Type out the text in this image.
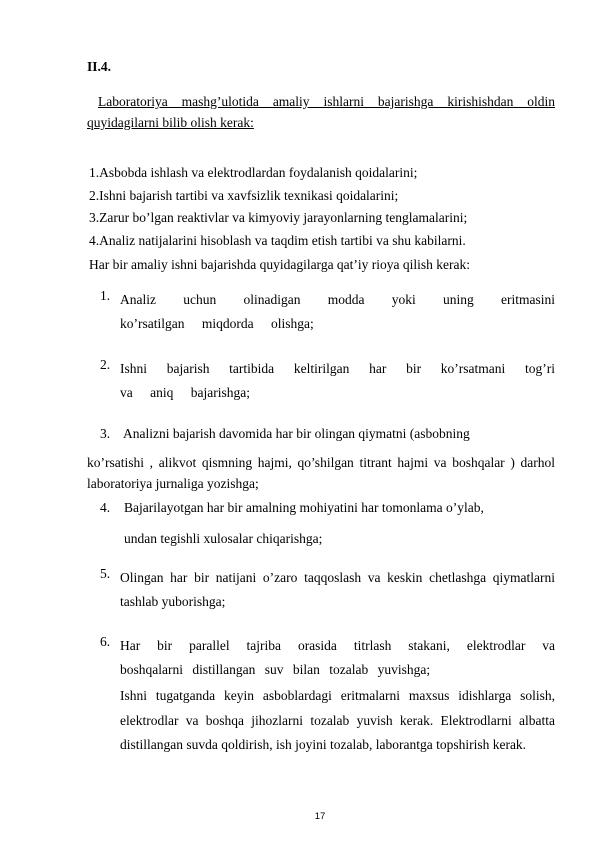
II.4.
Laboratoriya mashg’ulotida amaliy ishlarni bajarishga kirishishdan oldin
quyidagilarni bilib olish kerak:
1.Asbobda ishlash va elektrodlardan foydalanish qoidalarini;
2.Ishni bajarish tartibi va xavfsizlik texnikasi qoidalarini;
3.Zarur bo’lgan reaktivlar va kimyoviy jarayonlarning tenglamalarini;
4.Analiz natijalarini hisoblash va taqdim etish tartibi va shu kabilarni.
Har bir amaliy ishni bajarishda quyidagilarga qat’iy rioya qilish kerak:
1. Analiz uchun olinadigan modda yoki uning eritmasini ko’rsatilgan miqdorda olishga;
2. Ishni bajarish tartibida keltirilgan har bir ko’rsatmani tog’ri va aniq bajarishga;
3. Analizni bajarish davomida har bir olingan qiymatni (asbobning
ko’rsatishi , alikvot qismning hajmi, qo’shilgan titrant hajmi va boshqalar ) darhol laboratoriya jurnaliga yozishga;
4. Bajarilayotgan har bir amalning mohiyatini har tomonlama o’ylab,
undan tegishli xulosalar chiqarishga;
5. Olingan har bir natijani o’zaro taqqoslash va keskin chetlashga qiymatlarni tashlab yuborishga;
6. Har bir parallel tajriba orasida titrlash stakani, elektrodlar va boshqalarni distillangan suv bilan tozalab yuvishga;
Ishni tugatganda keyin asboblardagi eritmalarni maxsus idishlarga solish, elektrodlar va boshqa jihozlarni tozalab yuvish kerak. Elektrodlarni albatta distillangan suvda qoldirish, ish joyini tozalab, laborantga topshirish kerak.
17
